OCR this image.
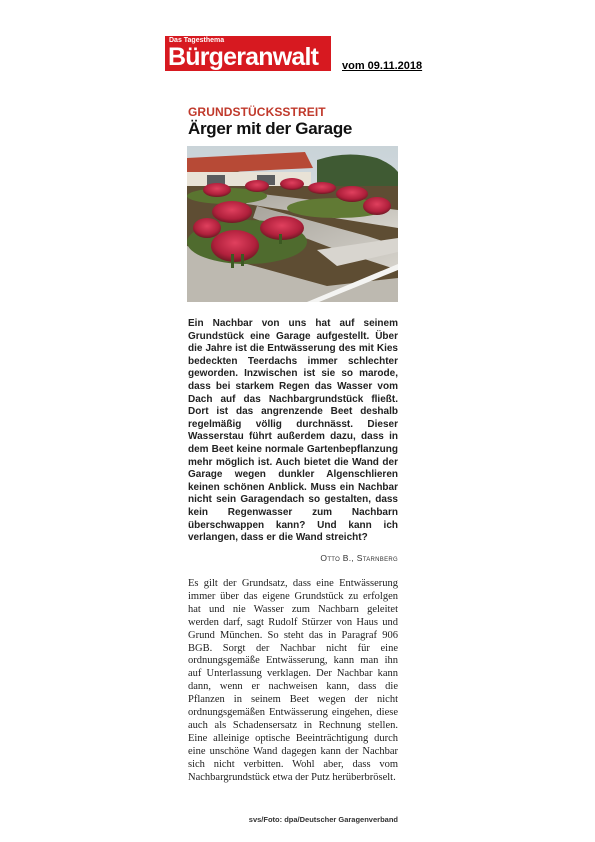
Das Tagesthema
Bürgeranwalt vom 09.11.2018
GRUNDSTÜCKSSTREIT
Ärger mit der Garage

Ein Nachbar von uns hat auf seinem Grundstück eine Garage aufgestellt. Über die Jahre ist die Entwässerung des mit Kies bedeckten Teerdachs immer schlechter geworden. Inzwischen ist sie so marode, dass bei starkem Regen das Wasser vom Dach auf das Nachbargrundstück fließt. Dort ist das angrenzende Beet deshalb regelmäßig völlig durchnässt. Dieser Wasserstau führt außerdem dazu, dass in dem Beet keine normale Gartenbepflanzung mehr möglich ist. Auch bietet die Wand der Garage wegen dunkler Algenschlieren keinen schönen Anblick. Muss ein Nachbar nicht sein Garagendach so gestalten, dass kein Regenwasser zum Nachbarn überschwappen kann? Und kann ich verlangen, dass er die Wand streicht?

Otto B., Starnberg

Es gilt der Grundsatz, dass eine Entwässerung immer über das eigene Grundstück zu erfolgen hat und nie Wasser zum Nachbarn geleitet werden darf, sagt Rudolf Stürzer von Haus und Grund München. So steht das in Paragraf 906 BGB. Sorgt der Nachbar nicht für eine ordnungsgemäße Entwässerung, kann man ihn auf Unterlassung verklagen. Der Nachbar kann dann, wenn er nachweisen kann, dass die Pflanzen in seinem Beet wegen der nicht ordnungsgemäßen Entwässerung eingehen, diese auch als Schadensersatz in Rechnung stellen. Eine alleinige optische Beeinträchtigung durch eine unschöne Wand dagegen kann der Nachbar sich nicht verbitten. Wohl aber, dass vom Nachbargrundstück etwa der Putz herüberbröselt.

svs/Foto: dpa/Deutscher Garagenverband
